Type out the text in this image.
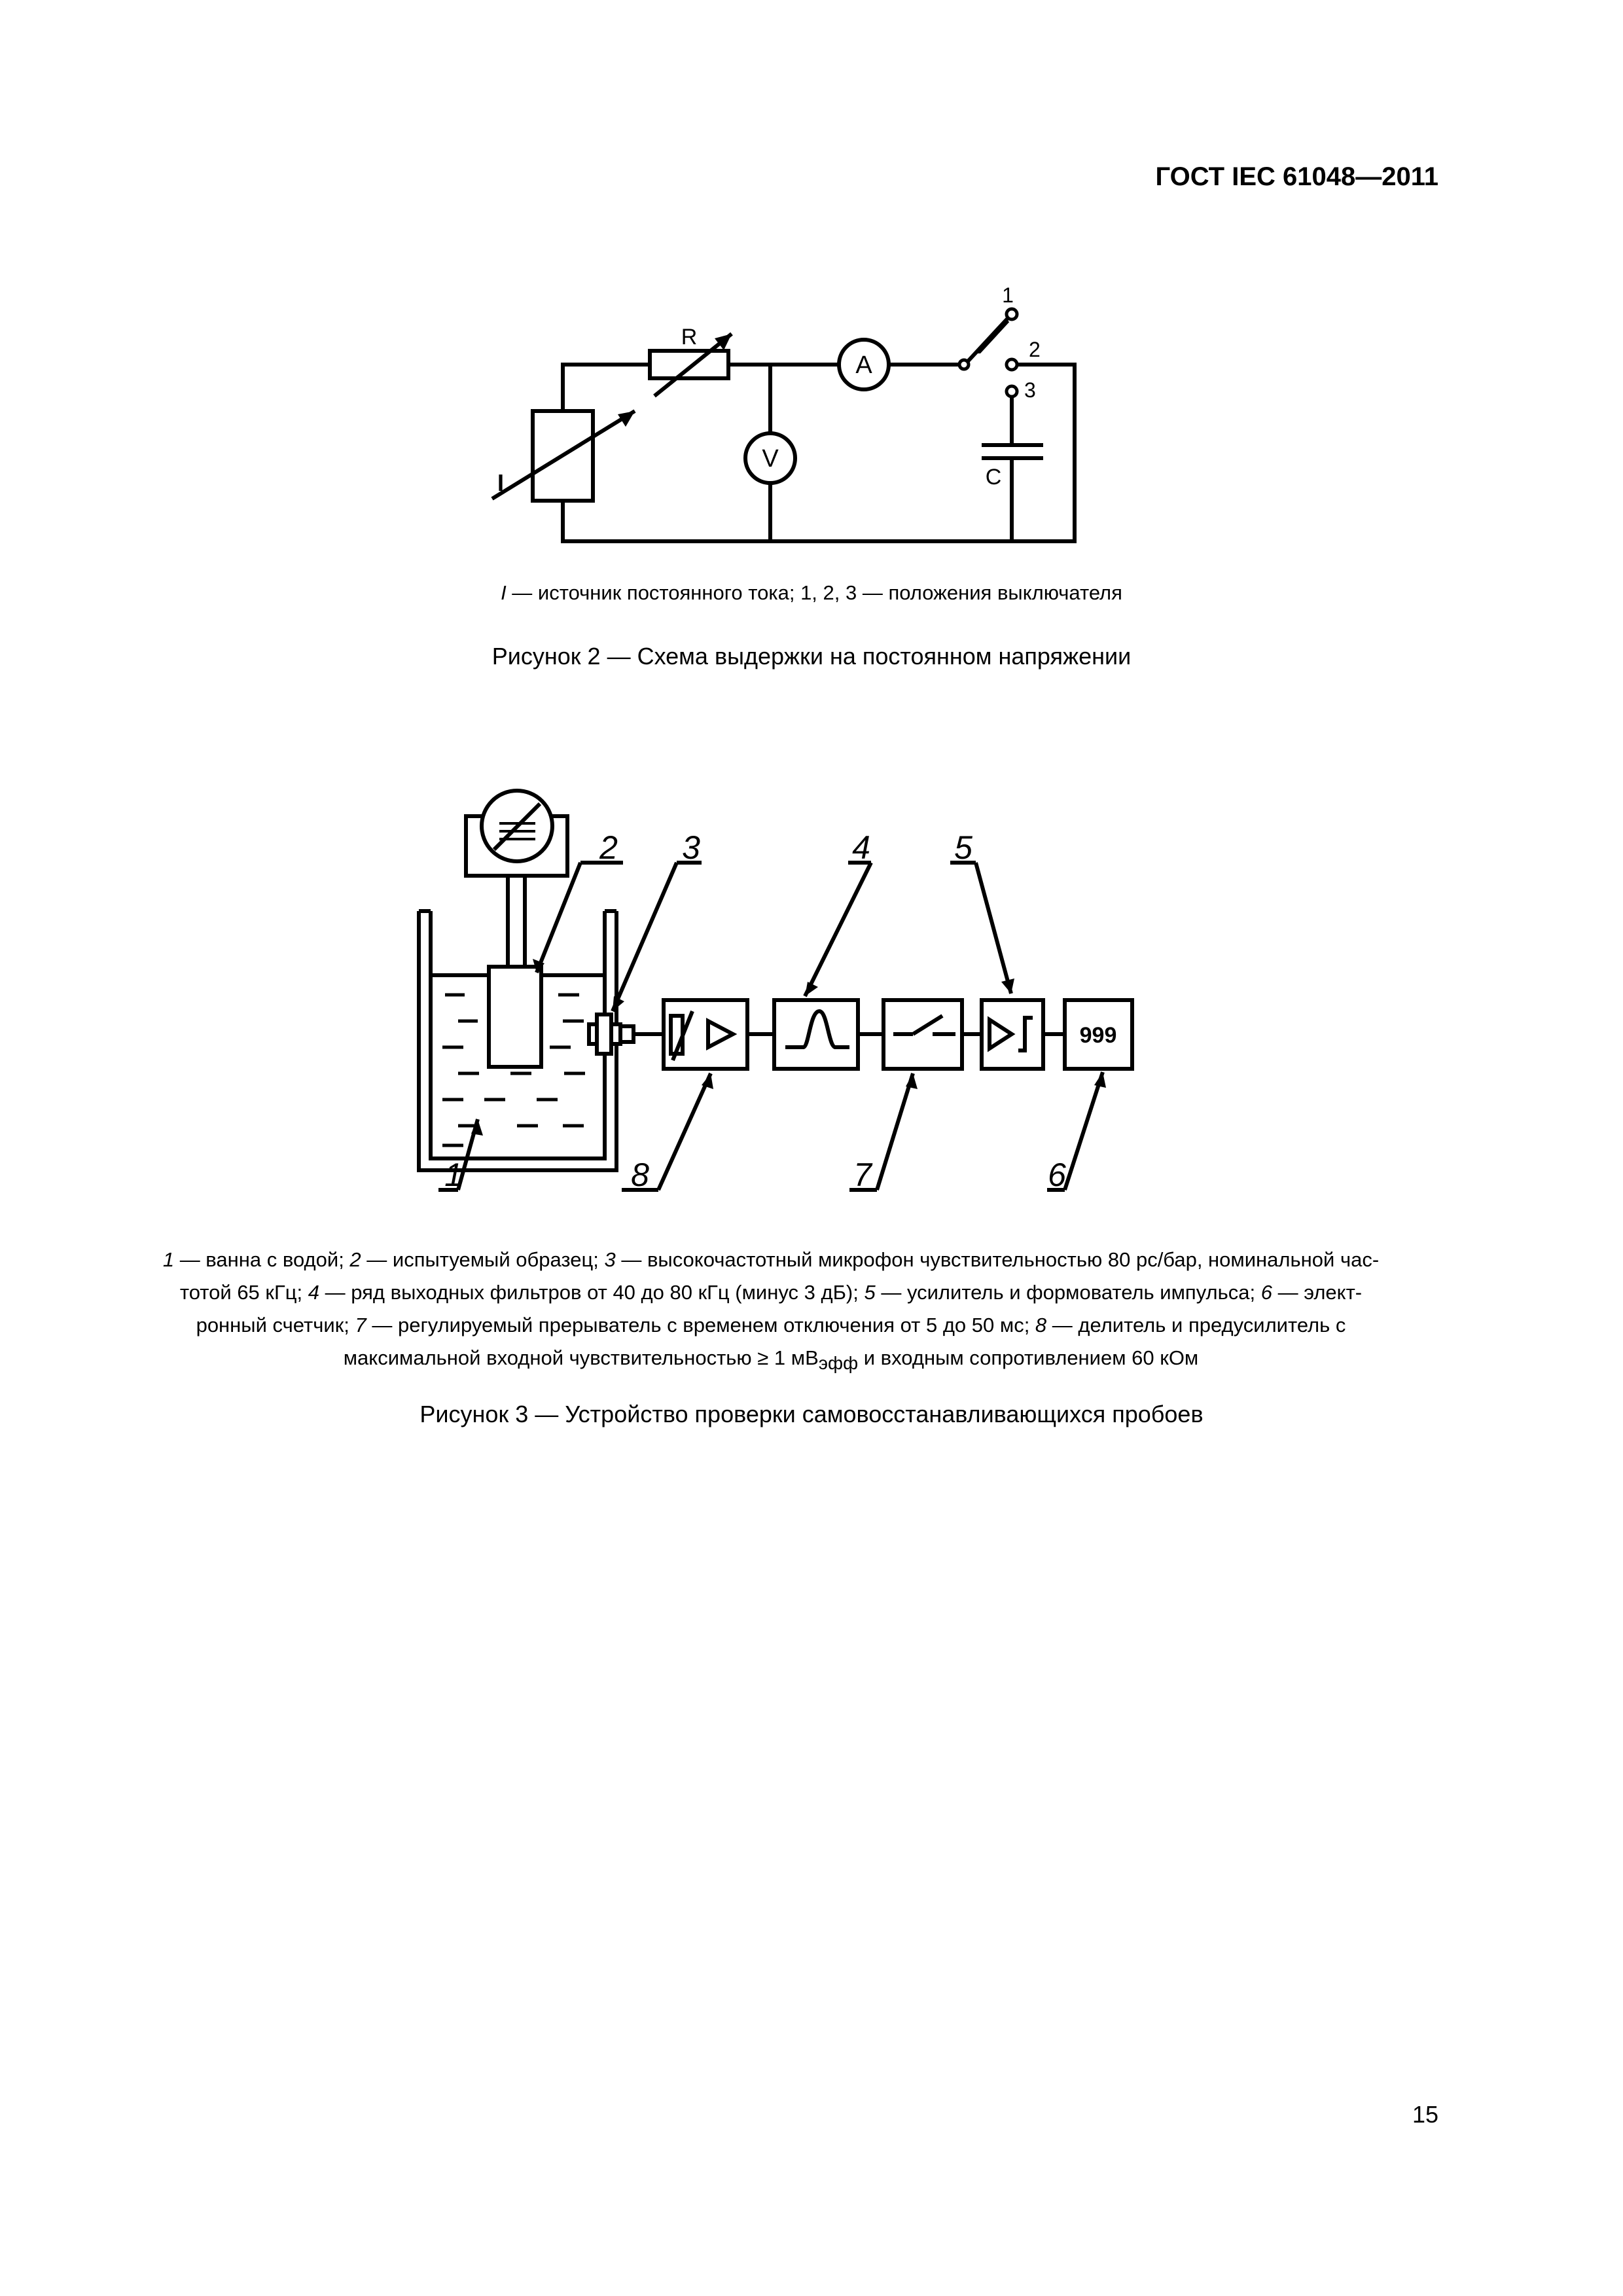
ГОСТ IEC 61048—2011
R
A
V
C
I
1
2
3
I — источник постоянного тока; 1, 2, 3 — положения выключателя
Рисунок 2 — Схема выдержки на постоянном напряжении
999
1
2 3	4	5
6
7
8
1 — ванна с водой; 2 — испытуемый образец; 3 — высокочастотный микрофон чувствительностью 80 рс/бар, номинальной час-
тотой 65 кГц; 4 — ряд выходных фильтров от 40 до 80 кГц (минус 3 дБ); 5 — усилитель и формователь импульса; 6 — элект-
ронный счетчик; 7 — регулируемый прерыватель с временем отключения от 5 до 50 мс; 8 — делитель и предусилитель с
максимальной входной чувствительностью ≥ 1 $мВ_{эфф}$ и входным сопротивлением 60 кОм
Рисунок 3 — Устройство проверки самовосстанавливающихся пробоев
15
